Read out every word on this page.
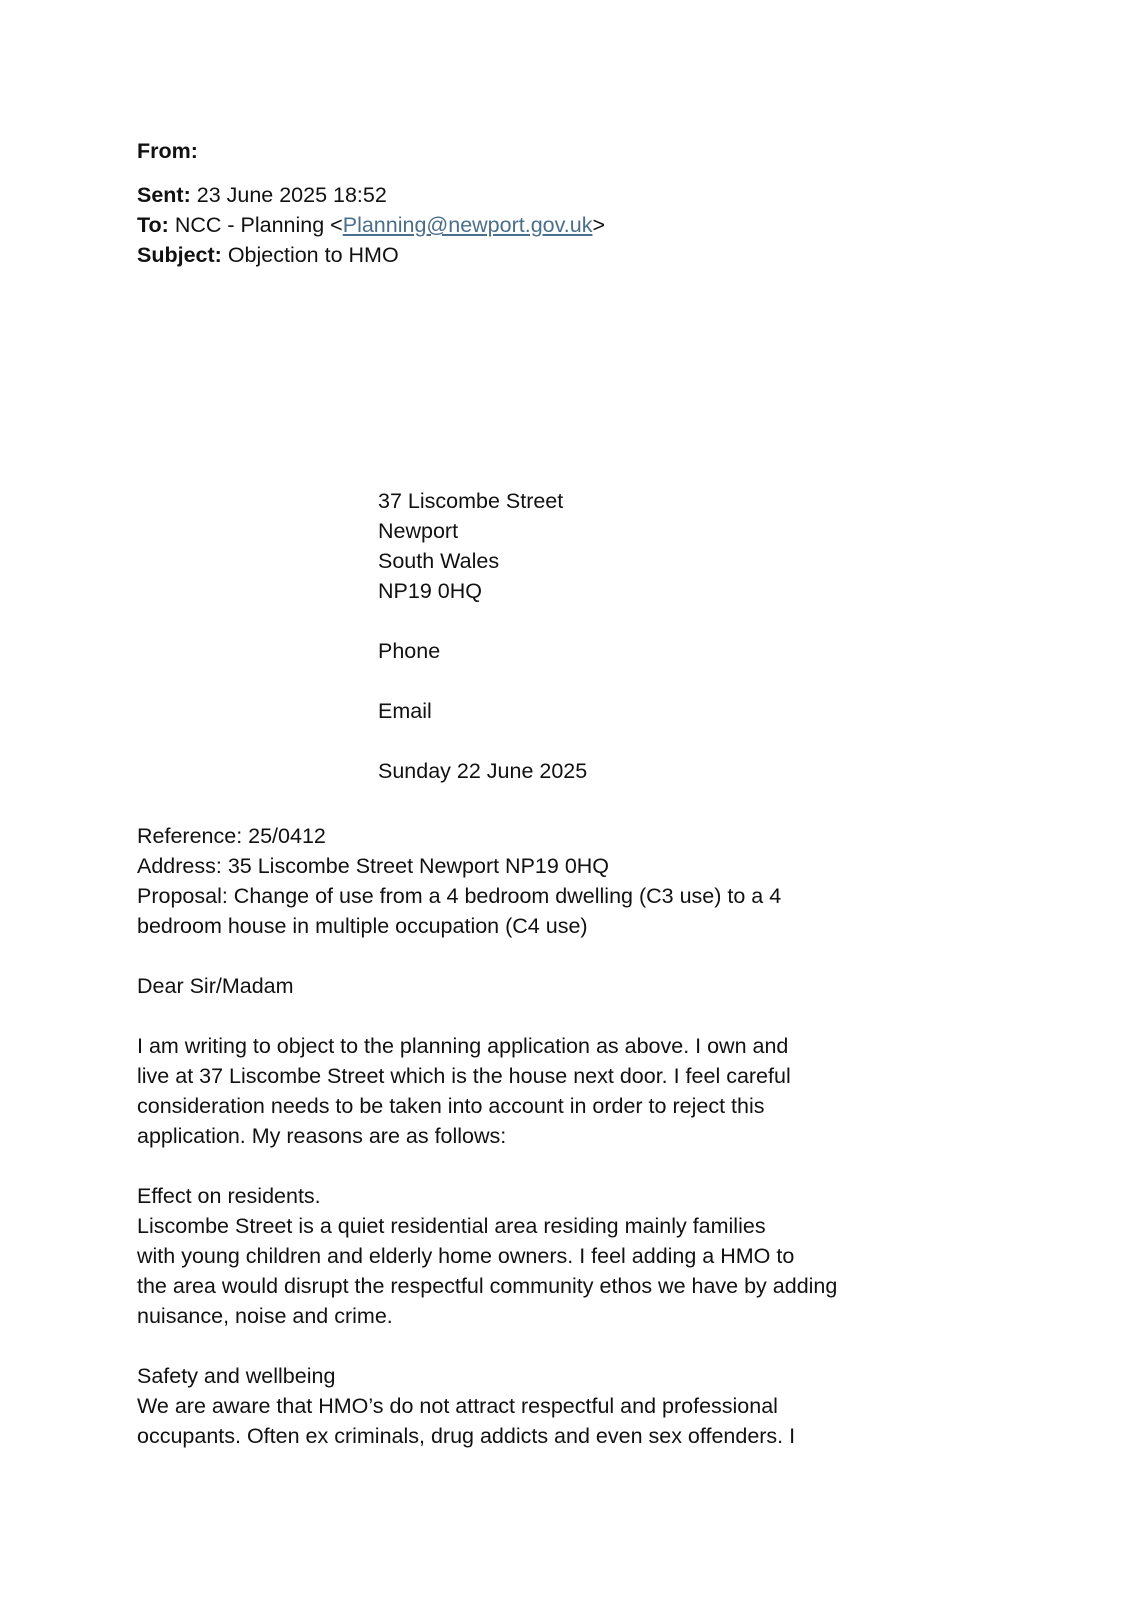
From:
Sent: 23 June 2025 18:52
To: NCC - Planning <Planning@newport.gov.uk>
Subject: Objection to HMO
37 Liscombe Street
Newport
South Wales
NP19 0HQ
Phone
Email
Sunday 22 June 2025
Reference: 25/0412
Address: 35 Liscombe Street Newport NP19 0HQ
Proposal: Change of use from a 4 bedroom dwelling (C3 use) to a 4
bedroom house in multiple occupation (C4 use)
Dear Sir/Madam
I am writing to object to the planning application as above. I own and
live at 37 Liscombe Street which is the house next door. I feel careful
consideration needs to be taken into account in order to reject this
application. My reasons are as follows:
Effect on residents.
Liscombe Street is a quiet residential area residing mainly families
with young children and elderly home owners. I feel adding a HMO to
the area would disrupt the respectful community ethos we have by adding
nuisance, noise and crime.
Safety and wellbeing
We are aware that HMO’s do not attract respectful and professional
occupants. Often ex criminals, drug addicts and even sex offenders. I
